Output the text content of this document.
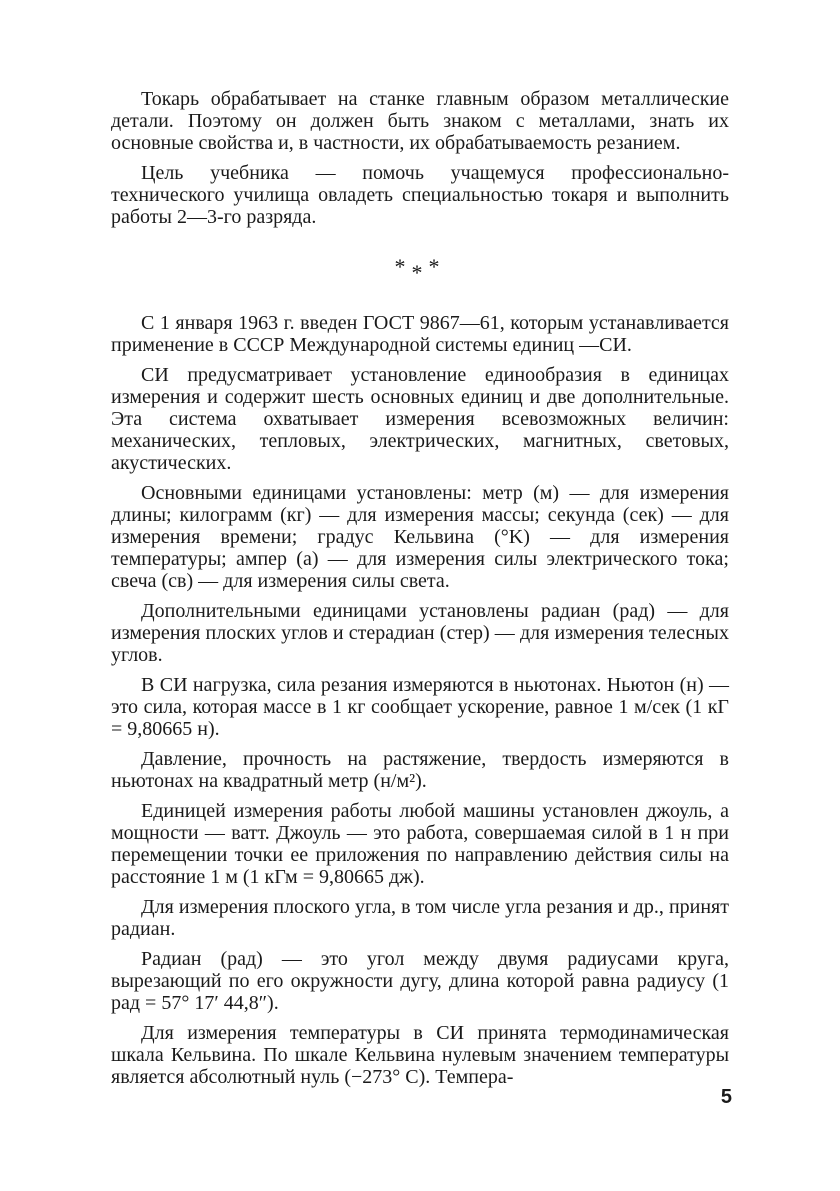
Токарь обрабатывает на станке главным образом металлические детали. Поэтому он должен быть знаком с металлами, знать их основные свойства и, в частности, их обрабатываемость резанием.

Цель учебника — помочь учащемуся профессионально-технического училища овладеть специальностью токаря и выполнить работы 2—3-го разряда.

***

С 1 января 1963 г. введен ГОСТ 9867—61, которым устанавливается применение в СССР Международной системы единиц —СИ.

СИ предусматривает установление единообразия в единицах измерения и содержит шесть основных единиц и две дополнительные. Эта система охватывает измерения всевозможных величин: механических, тепловых, электрических, магнитных, световых, акустических.

Основными единицами установлены: метр (м) — для измерения длины; килограмм (кг) — для измерения массы; секунда (сек) — для измерения времени; градус Кельвина (°K) — для измерения температуры; ампер (а) — для измерения силы электрического тока; свеча (св) — для измерения силы света.

Дополнительными единицами установлены радиан (рад) — для измерения плоских углов и стерадиан (стер) — для измерения телесных углов.

В СИ нагрузка, сила резания измеряются в ньютонах. Ньютон (н) — это сила, которая массе в 1 кг сообщает ускорение, равное 1 м/сек (1 кГ = 9,80665 н).

Давление, прочность на растяжение, твердость измеряются в ньютонах на квадратный метр (н/м²).

Единицей измерения работы любой машины установлен джоуль, а мощности — ватт. Джоуль — это работа, совершаемая силой в 1 н при перемещении точки ее приложения по направлению действия силы на расстояние 1 м (1 кГм = 9,80665 дж).

Для измерения плоского угла, в том числе угла резания и др., принят радиан.

Радиан (рад) — это угол между двумя радиусами круга, вырезающий по его окружности дугу, длина которой равна радиусу (1 рад = 57° 17′ 44,8″).

Для измерения температуры в СИ принята термодинамическая шкала Кельвина. По шкале Кельвина нулевым значением температуры является абсолютный нуль (−273° С). Темпера-

5
